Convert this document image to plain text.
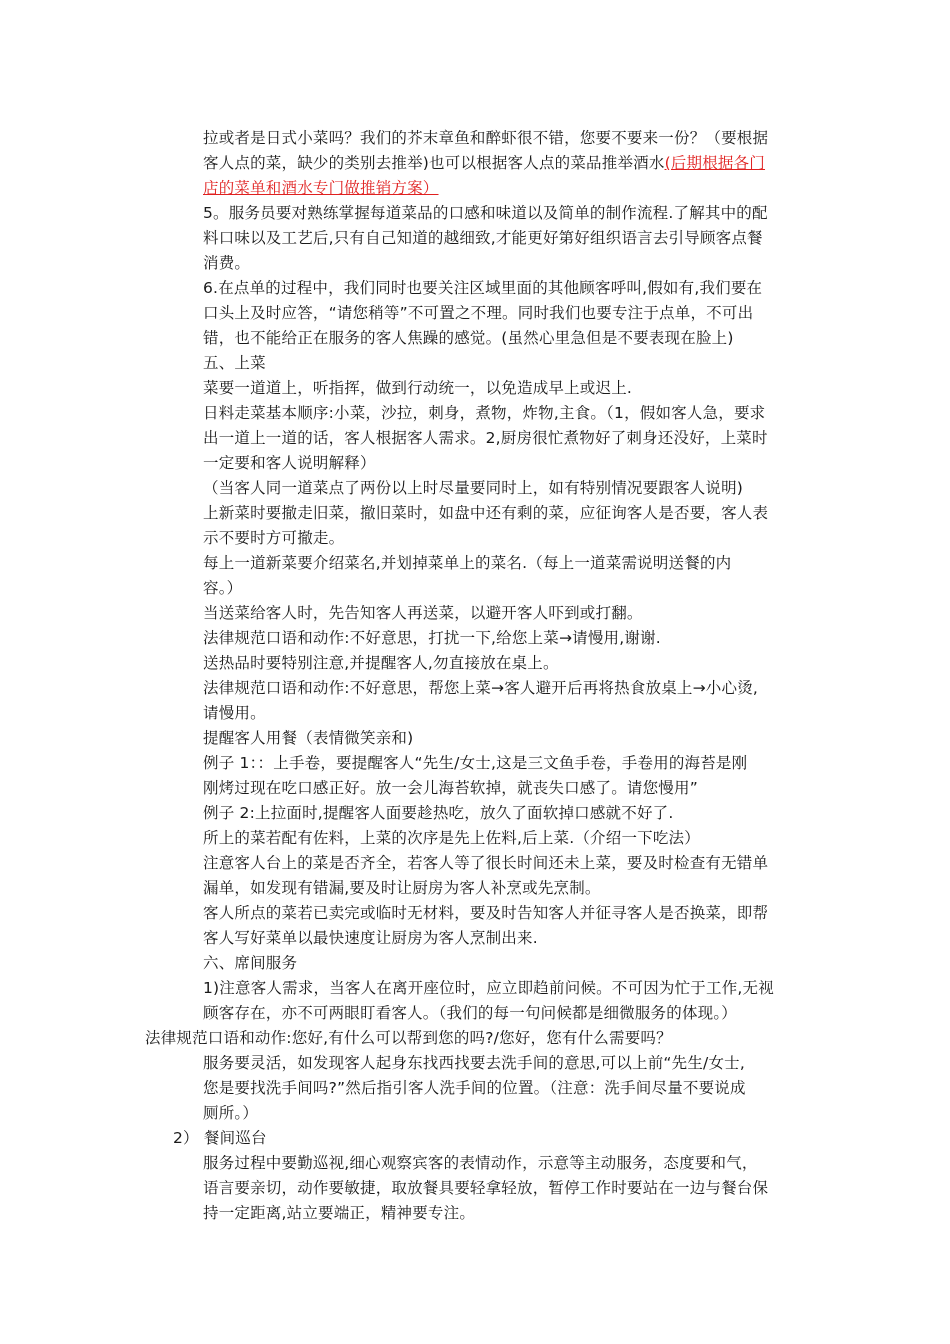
拉或者是日式小菜吗？我们的芥末章鱼和醉虾很不错，您要不要来一份？（要根据
客人点的菜，缺少的类别去推举)也可以根据客人点的菜品推举酒水(后期根据各门
店的菜单和酒水专门做推销方案）
5。服务员要对熟练掌握每道菜品的口感和味道以及简单的制作流程.了解其中的配
料口味以及工艺后,只有自己知道的越细致,才能更好第好组织语言去引导顾客点餐
消费。
6.在点单的过程中，我们同时也要关注区域里面的其他顾客呼叫,假如有,我们要在
口头上及时应答，“请您稍等”不可置之不理。同时我们也要专注于点单，不可出
错，也不能给正在服务的客人焦躁的感觉。(虽然心里急但是不要表现在脸上)
五、上菜
菜要一道道上，听指挥，做到行动统一，以免造成早上或迟上.
日料走菜基本顺序:小菜，沙拉，刺身，煮物，炸物,主食。（1，假如客人急，要求
出一道上一道的话，客人根据客人需求。2,厨房很忙煮物好了刺身还没好，上菜时
一定要和客人说明解释）
（当客人同一道菜点了两份以上时尽量要同时上，如有特别情况要跟客人说明)
上新菜时要撤走旧菜，撤旧菜时，如盘中还有剩的菜，应征询客人是否要，客人表
示不要时方可撤走。
每上一道新菜要介绍菜名,并划掉菜单上的菜名.（每上一道菜需说明送餐的内
容。）
当送菜给客人时，先告知客人再送菜，以避开客人吓到或打翻。
法律规范口语和动作:不好意思，打扰一下,给您上菜→请慢用,谢谢.
送热品时要特别注意,并提醒客人,勿直接放在桌上。
法律规范口语和动作:不好意思，帮您上菜→客人避开后再将热食放桌上→小心烫,
请慢用。
提醒客人用餐（表情微笑亲和)
例子 1：：上手卷，要提醒客人“先生/女士,这是三文鱼手卷，手卷用的海苔是刚
刚烤过现在吃口感正好。放一会儿海苔软掉，就丧失口感了。请您慢用”
例子 2:上拉面时,提醒客人面要趁热吃，放久了面软掉口感就不好了.
所上的菜若配有佐料，上菜的次序是先上佐料,后上菜.（介绍一下吃法）
注意客人台上的菜是否齐全，若客人等了很长时间还未上菜，要及时检查有无错单
漏单，如发现有错漏,要及时让厨房为客人补烹或先烹制。
客人所点的菜若已卖完或临时无材料，要及时告知客人并征寻客人是否换菜，即帮
客人写好菜单以最快速度让厨房为客人烹制出来.
六、席间服务
1)注意客人需求，当客人在离开座位时，应立即趋前问候。不可因为忙于工作,无视
顾客存在，亦不可两眼盯看客人。（我们的每一句问候都是细微服务的体现。）
法律规范口语和动作:您好,有什么可以帮到您的吗?/您好，您有什么需要吗？
服务要灵活，如发现客人起身东找西找要去洗手间的意思,可以上前“先生/女士,
您是要找洗手间吗?”然后指引客人洗手间的位置。（注意：洗手间尽量不要说成
厕所。）
2） 餐间巡台
服务过程中要勤巡视,细心观察宾客的表情动作，示意等主动服务，态度要和气，
语言要亲切，动作要敏捷，取放餐具要轻拿轻放，暂停工作时要站在一边与餐台保
持一定距离,站立要端正，精神要专注。
